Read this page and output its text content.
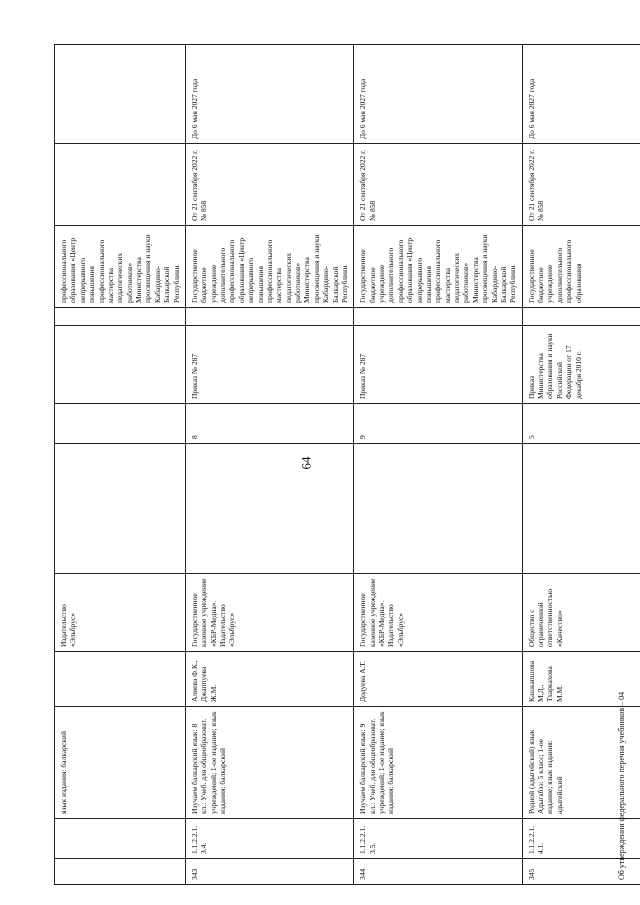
64
		язык издания: балкарский		Издательство «Эльбрус»					профессионального образования «Центр непрерывного повышения профессионального мастерства педагогических работников» Министерства просвещения и науки Кабардино-Балкарской Республики		
343	1.1.2.2.1.3.4.	Изучаем балкарский язык: 8 кл.: Учеб. для общеобразоват. учреждений; 1-ое издание; язык издания: балкарский	Алиева Ф.К., Джаппуева Ж.М.	Государственное казенное учреждение «КБР-Медиа». Издательство «Эльбрус»		8	Приказ № 287		Государственное бюджетное учреждение дополнительного профессионального образования «Центр непрерывного повышения профессионального мастерства педагогических работников» Министерства просвещения и науки Кабардино-Балкарской Республики	От 21 сентября 2022 г. № 858	До 6 мая 2027 года
344	1.1.2.2.1.3.5.	Изучаем балкарский язык: 9 кл.: Учеб. для общеобразоват. учреждений; 1-ое издание; язык издания: балкарский	Додуева А.Т.	Государственное казенное учреждение «КБР-Медиа». Издательство «Эльбрус»		9	Приказ № 287		Государственное бюджетное учреждение дополнительного профессионального образования «Центр непрерывного повышения профессионального мастерства педагогических работников» Министерства просвещения и науки Кабардино-Балкарской Республики	От 21 сентября 2022 г. № 858	До 6 мая 2027 года
345	1.1.2.2.1.4.1.	Родной (адыгейский) язык Адыгабзэ: 5 класс; 1-ое издание; язык издания: адыгейский	Кашкапшова М.Д., Тхаркахова М.М.	Общество с ограниченной ответственностью «Качество»		5	Приказ Министерства образования и науки Российской Федерации от 17 декабря 2010 г.		Государственное бюджетное учреждение дополнительного профессионального образования	От 21 сентября 2022 г. № 858	До 6 мая 2027 года
Об утверждении федерального перечня учебников – 04
